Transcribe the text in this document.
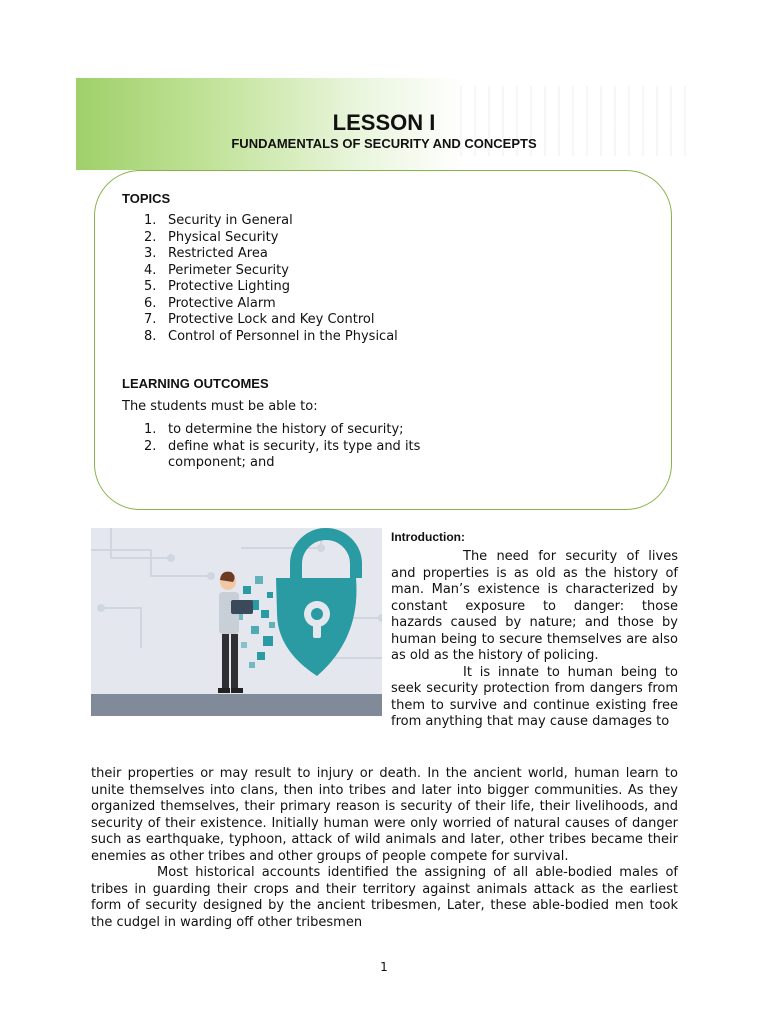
LESSON I
FUNDAMENTALS OF SECURITY AND CONCEPTS
TOPICS
1. Security in General
2. Physical Security
3. Restricted Area
4. Perimeter Security
5. Protective Lighting
6. Protective Alarm
7. Protective Lock and Key Control
8. Control of Personnel in the Physical
LEARNING OUTCOMES
The students must be able to:
1. to determine the history of security;
2. define what is security, its type and its component; and
Introduction:

The need for security of lives and properties is as old as the history of man. Man’s existence is characterized by constant exposure to danger: those hazards caused by nature; and those by human being to secure themselves are also as old as the history of policing.

It is innate to human being to seek security protection from dangers from them to survive and continue existing free from anything that may cause damages to

their properties or may result to injury or death. In the ancient world, human learn to unite themselves into clans, then into tribes and later into bigger communities. As they organized themselves, their primary reason is security of their life, their livelihoods, and security of their existence. Initially human were only worried of natural causes of danger such as earthquake, typhoon, attack of wild animals and later, other tribes became their enemies as other tribes and other groups of people compete for survival.

Most historical accounts identified the assigning of all able-bodied males of tribes in guarding their crops and their territory against animals attack as the earliest form of security designed by the ancient tribesmen, Later, these able-bodied men took the cudgel in warding off other tribesmen

1
